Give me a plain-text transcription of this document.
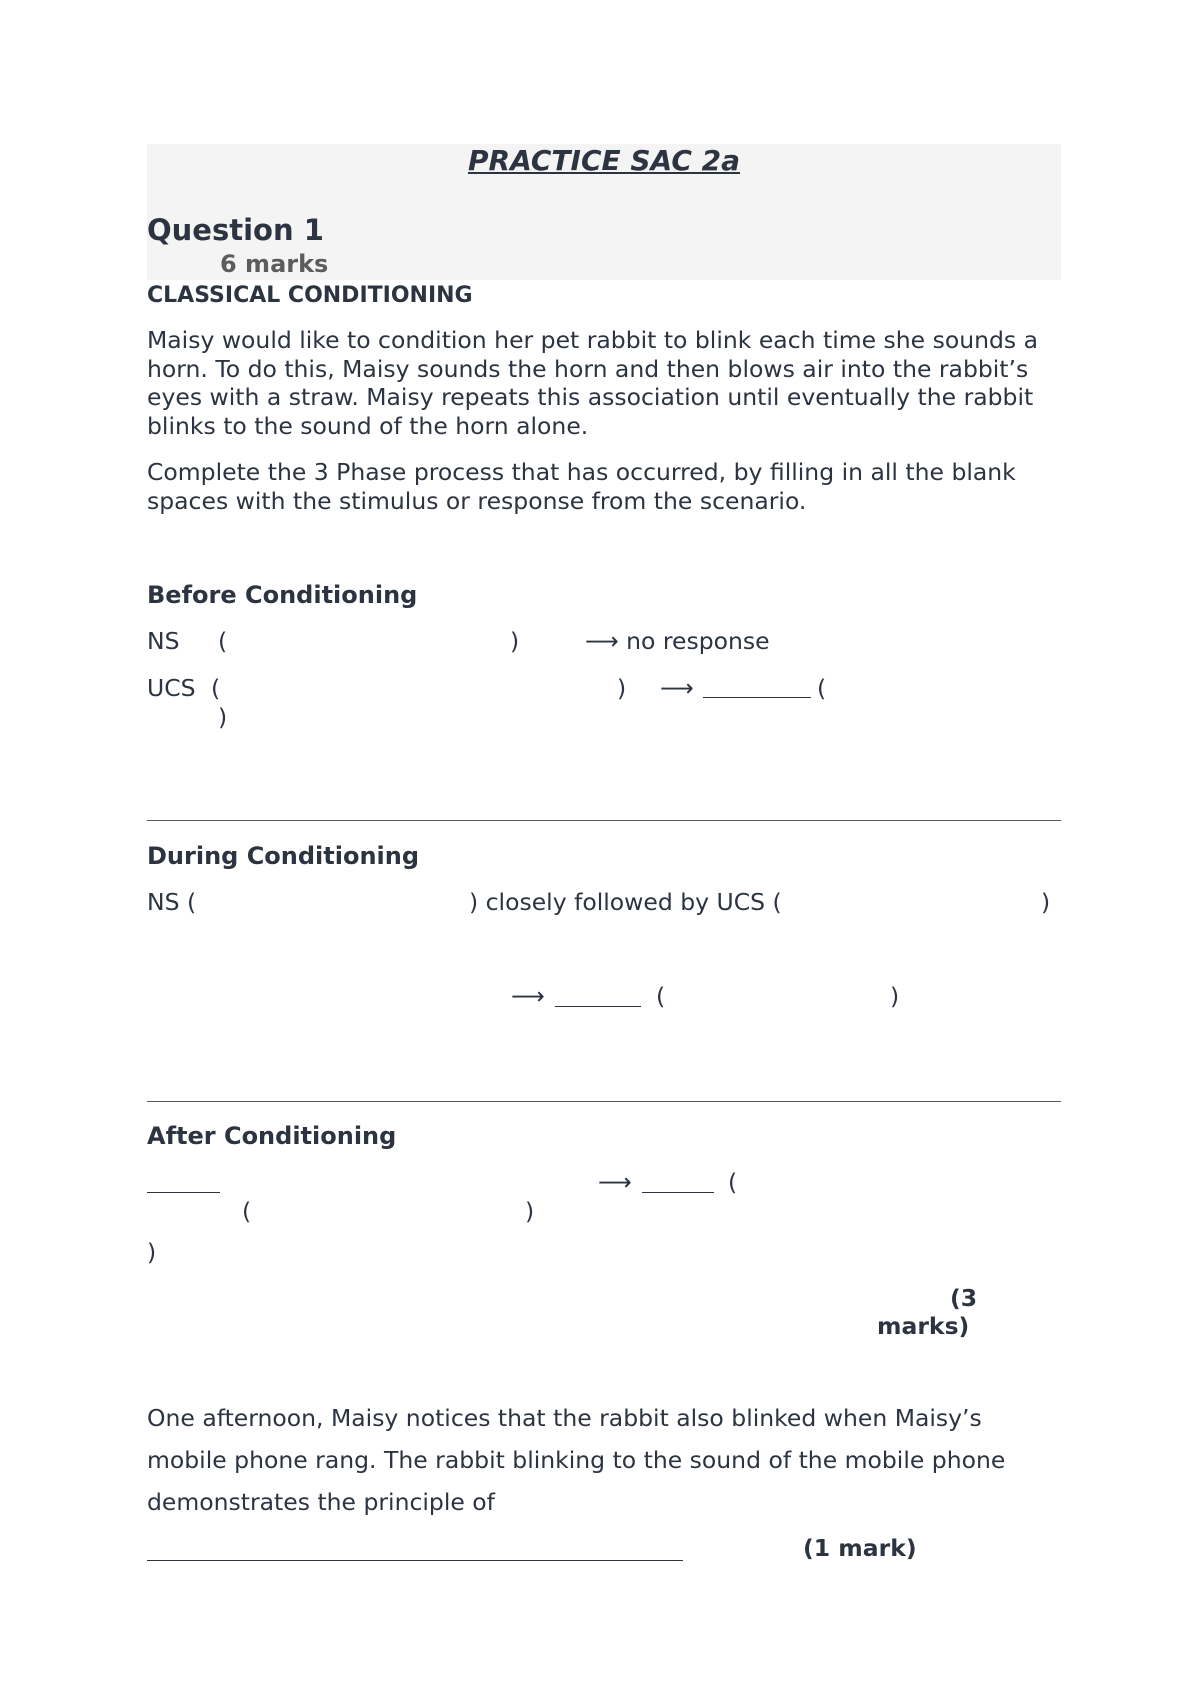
PRACTICE SAC 2a
Question 1
6 marks
CLASSICAL CONDITIONING
Maisy would like to condition her pet rabbit to blink each time she sounds a horn. To do this, Maisy sounds the horn and then blows air into the rabbit’s eyes with a straw. Maisy repeats this association until eventually the rabbit blinks to the sound of the horn alone.
Complete the 3 Phase process that has occurred, by filling in all the blank spaces with the stimulus or response from the scenario.
Before Conditioning
NS (	)	⟶ no response
UCS (	) ⟶	(
)
During Conditioning
NS (	) closely followed by UCS (	)
⟶	(	)
After Conditioning
⟶	(
(	)
)
(3
marks)
One afternoon, Maisy notices that the rabbit also blinked when Maisy’s mobile phone rang. The rabbit blinking to the sound of the mobile phone demonstrates the principle of
(1 mark)
